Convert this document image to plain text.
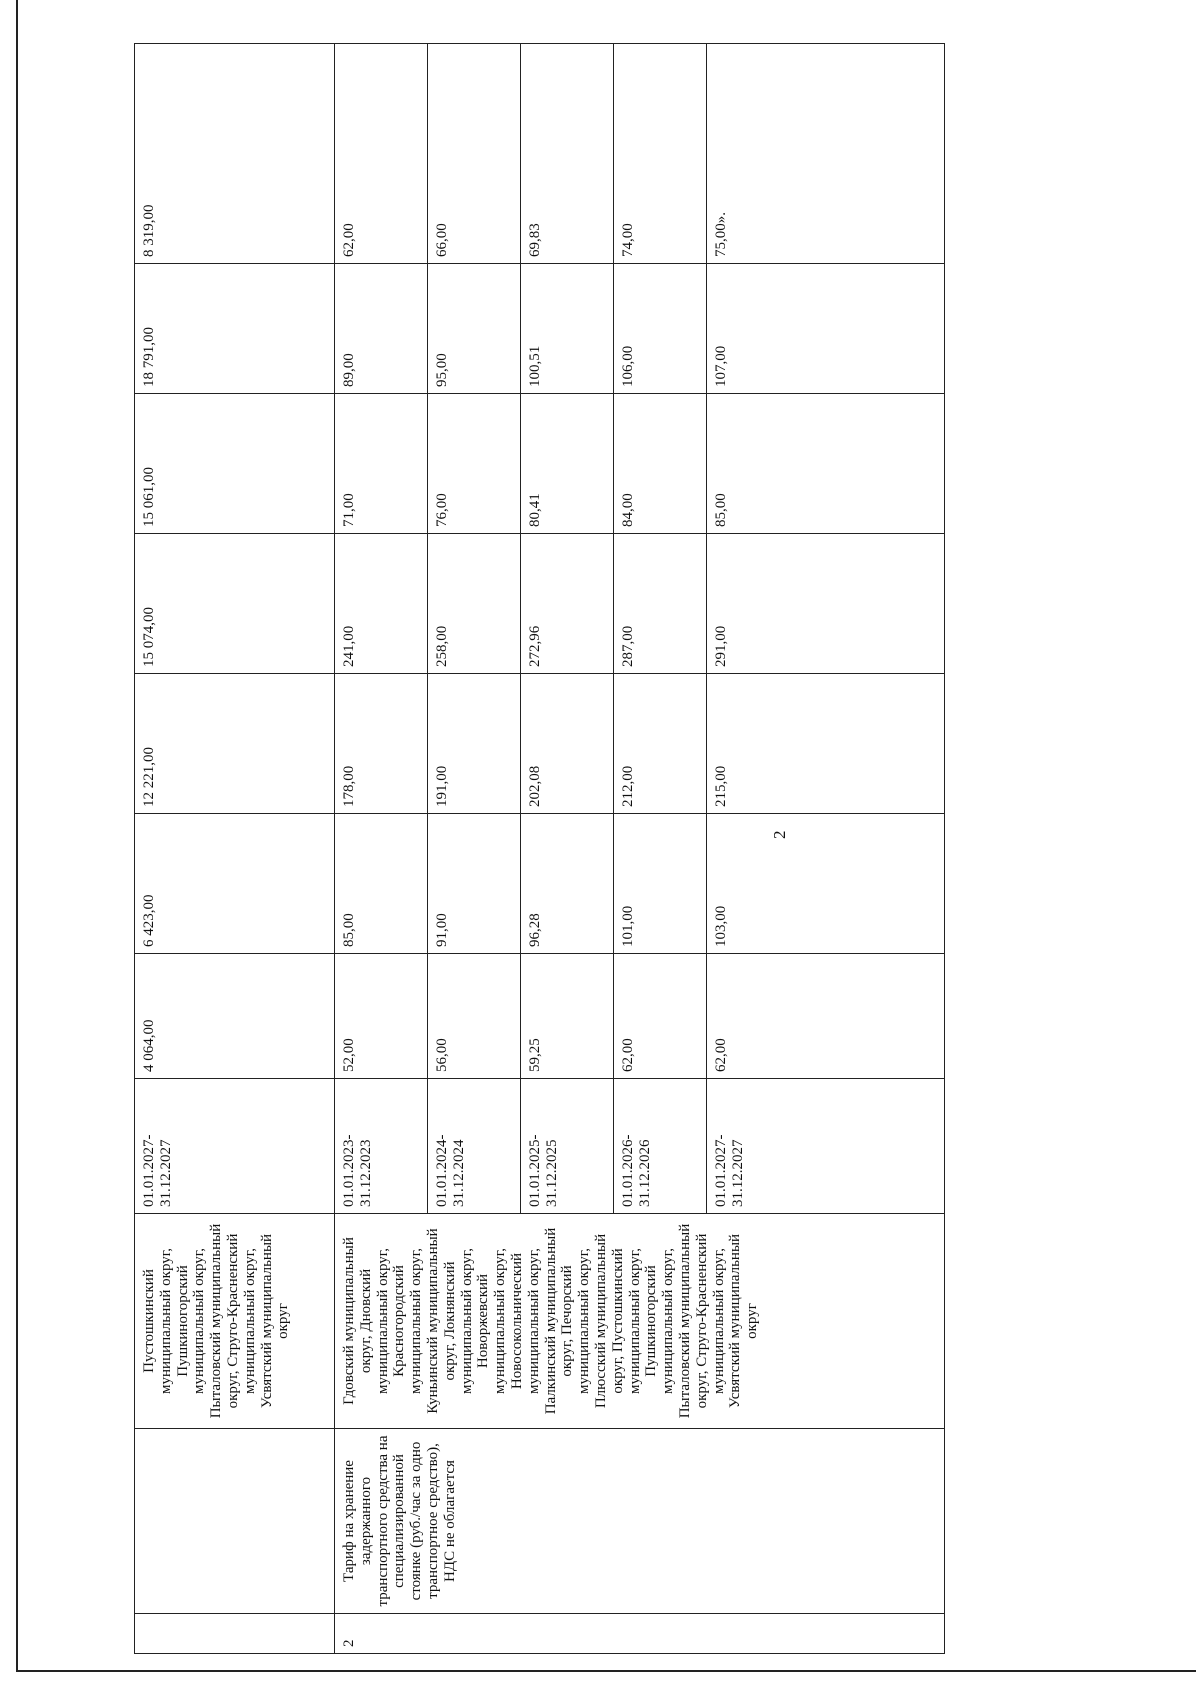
2
		Пустошкинский муниципальный округ, Пушкиногорский муниципальный округ, Пыталовский муниципальный округ, Струго-Красненский муниципальный округ, Усвятский муниципальный округ	01.01.2027-31.12.2027	4 064,00	6 423,00	12 221,00	15 074,00	15 061,00	18 791,00	8 319,00
2	Тариф на хранение задержанного транспортного средства на специализированной стоянке (руб./час за одно транспортное средство), НДС не облагается	Гдовский муниципальный округ, Дновский муниципальный округ, Красногородский муниципальный округ, Куньинский муниципальный округ, Локнянский муниципальный округ, Новоржевский муниципальный округ, Новосокольнический муниципальный округ, Палкинский муниципальный округ, Печорский муниципальный округ, Плюсский муниципальный округ, Пустошкинский муниципальный округ, Пушкиногорский муниципальный округ, Пыталовский муниципальный округ, Струго-Красненский муниципальный округ, Усвятский муниципальный округ	01.01.2023-31.12.2023	52,00	85,00	178,00	241,00	71,00	89,00	62,00
			01.01.2024-31.12.2024	56,00	91,00	191,00	258,00	76,00	95,00	66,00
			01.01.2025-31.12.2025	59,25	96,28	202,08	272,96	80,41	100,51	69,83
			01.01.2026-31.12.2026	62,00	101,00	212,00	287,00	84,00	106,00	74,00
			01.01.2027-31.12.2027	62,00	103,00	215,00	291,00	85,00	107,00	75,00».
